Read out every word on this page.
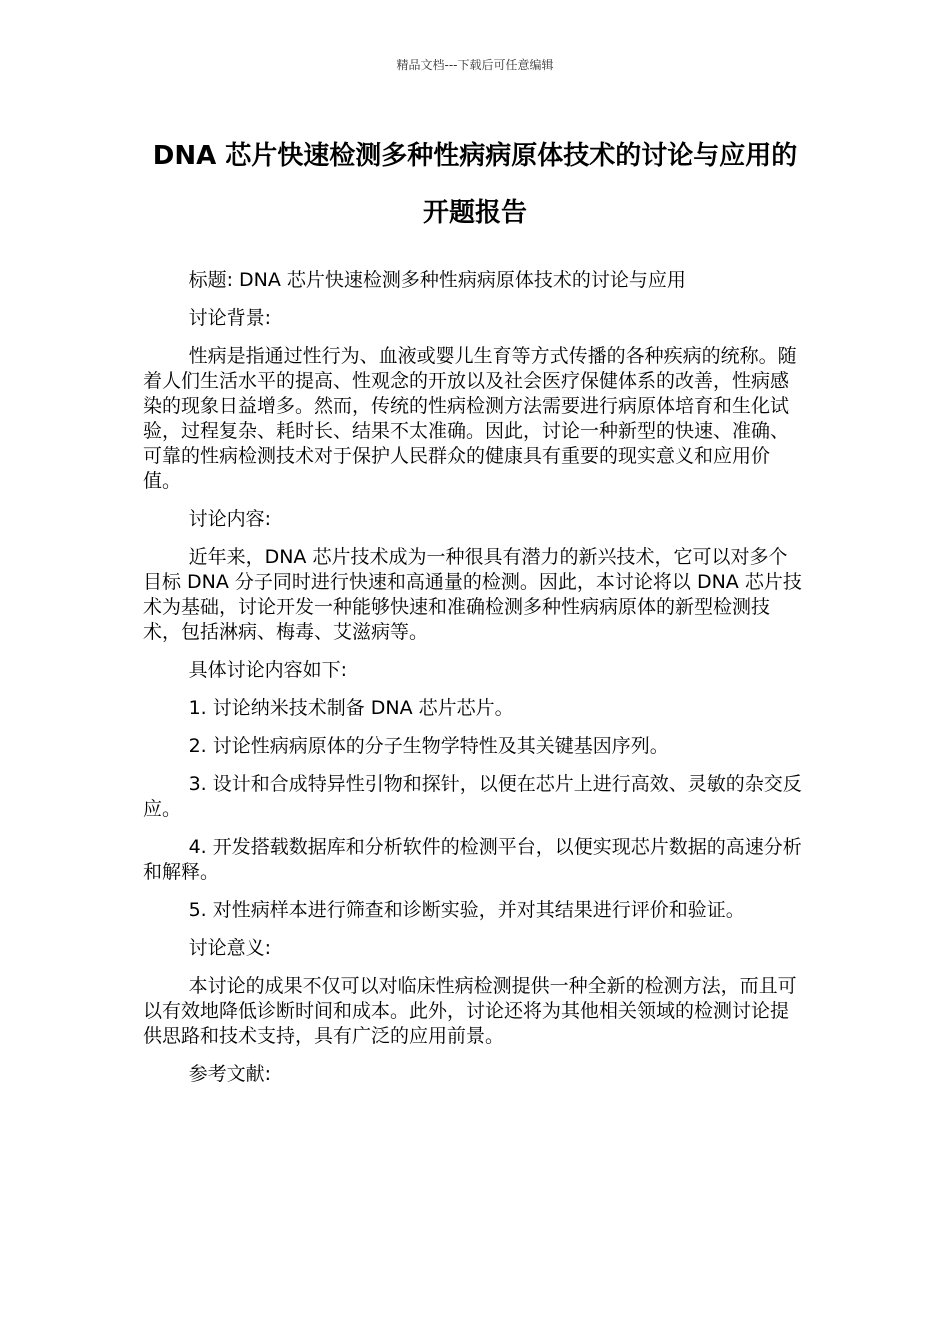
精品文档---下载后可任意编辑
DNA 芯片快速检测多种性病病原体技术的讨论与应用的开题报告

标题: DNA 芯片快速检测多种性病病原体技术的讨论与应用

讨论背景:

性病是指通过性行为、血液或婴儿生育等方式传播的各种疾病的统称。随着人们生活水平的提高、性观念的开放以及社会医疗保健体系的改善，性病感染的现象日益增多。然而，传统的性病检测方法需要进行病原体培育和生化试验，过程复杂、耗时长、结果不太准确。因此，讨论一种新型的快速、准确、可靠的性病检测技术对于保护人民群众的健康具有重要的现实意义和应用价值。

讨论内容:

近年来，DNA 芯片技术成为一种很具有潜力的新兴技术，它可以对多个目标 DNA 分子同时进行快速和高通量的检测。因此，本讨论将以 DNA 芯片技术为基础，讨论开发一种能够快速和准确检测多种性病病原体的新型检测技术，包括淋病、梅毒、艾滋病等。

具体讨论内容如下:

1. 讨论纳米技术制备 DNA 芯片芯片。

2. 讨论性病病原体的分子生物学特性及其关键基因序列。

3. 设计和合成特异性引物和探针，以便在芯片上进行高效、灵敏的杂交反应。

4. 开发搭载数据库和分析软件的检测平台，以便实现芯片数据的高速分析和解释。

5. 对性病样本进行筛查和诊断实验，并对其结果进行评价和验证。

讨论意义:

本讨论的成果不仅可以对临床性病检测提供一种全新的检测方法，而且可以有效地降低诊断时间和成本。此外，讨论还将为其他相关领域的检测讨论提供思路和技术支持，具有广泛的应用前景。

参考文献:
